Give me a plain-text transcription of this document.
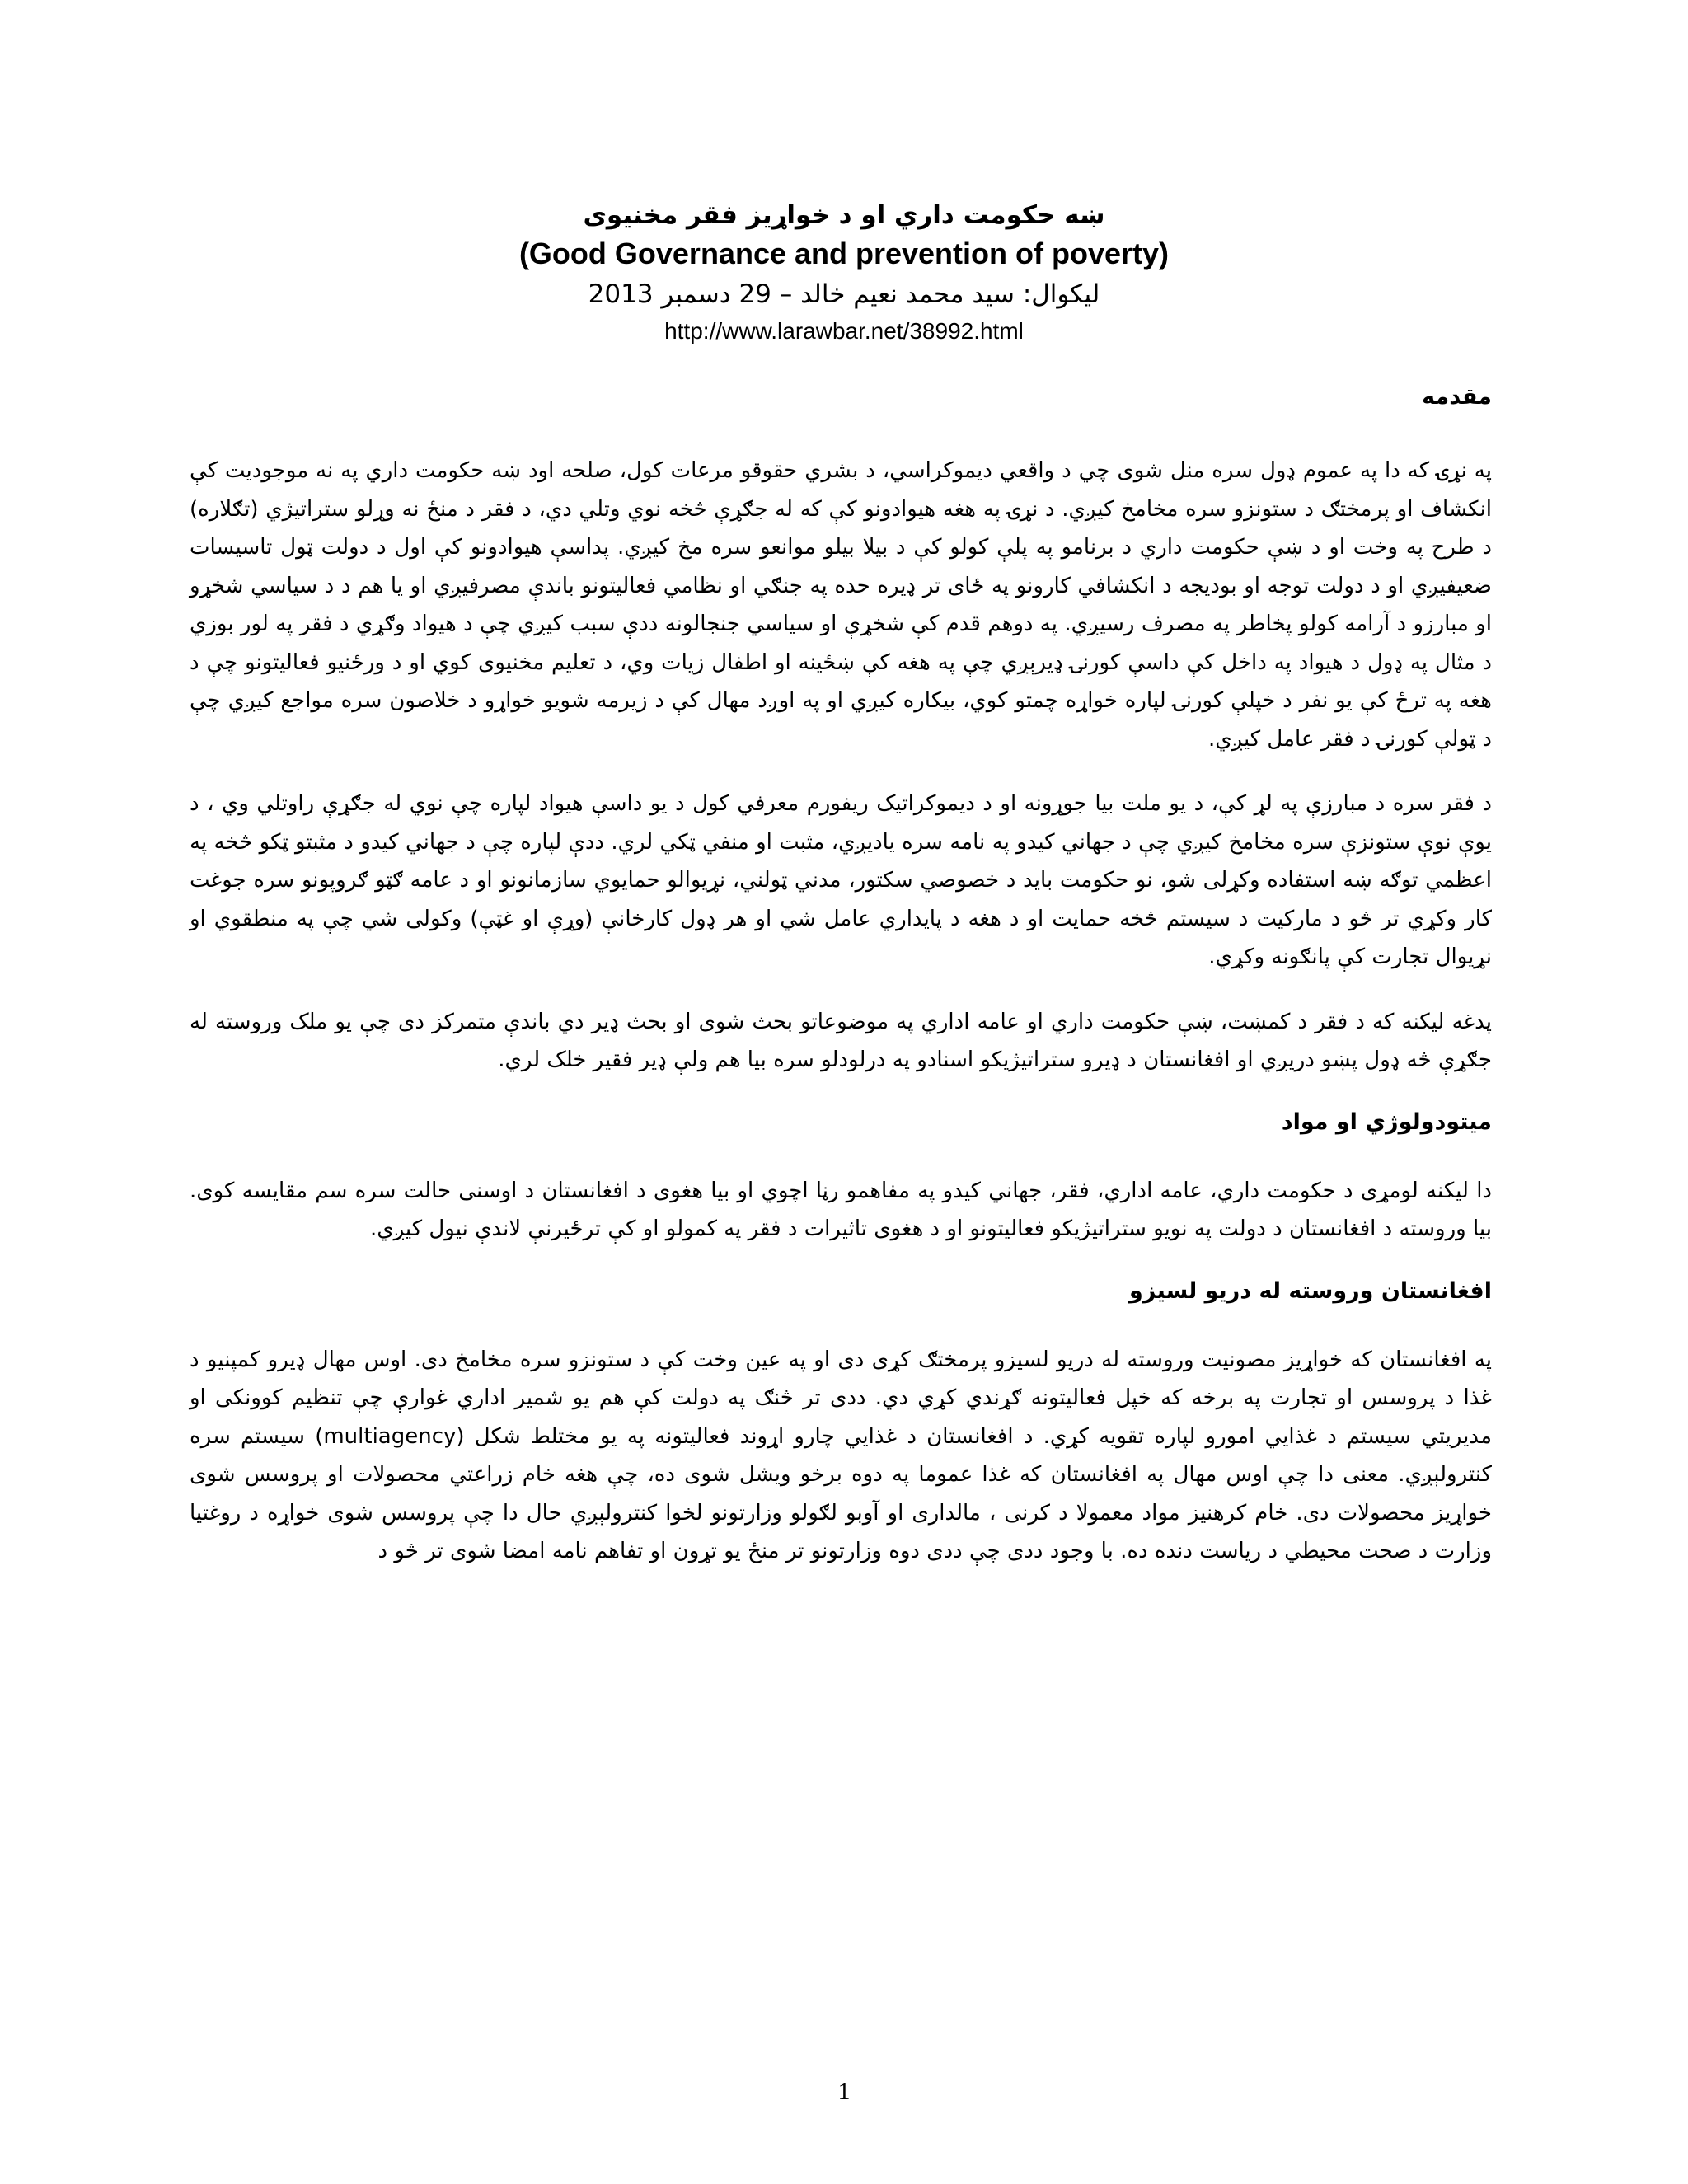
ښه حکومت داري او د خواړيز فقر مخنيوی
(Good Governance and prevention of poverty)
ليکوال: سيد محمد نعيم خالد – 29 دسمبر 2013
http://www.larawbar.net/38992.html

مقدمه

په نړۍ که دا په عموم ډول سره منل شوی چي د واقعي ديموکراسي، د بشري حقوقو مرعات کول، صلحه اود ښه حکومت داري په نه موجوديت کې انکشاف او پرمختګ د ستونزو سره مخامخ کيږي. د نړۍ په هغه هيوادونو کې که له جګړې څخه نوي وتلي دي، د فقر د منځ نه وړلو ستراتيژي (تګلاره) د طرح په وخت او د ښې حکومت داري د برنامو په پلې کولو کې د بيلا بيلو موانعو سره مخ کيږي. پداسې هيوادونو کې اول د دولت ټول تاسيسات ضعيفيږي او د دولت توجه او بوديجه د انکشافي کارونو په ځاى تر ډيره حده په جنګي او نظامي فعاليتونو باندې مصرفيږي او يا هم د د سياسي شخړو او مبارزو د آرامه کولو پخاطر په مصرف رسيږي. په دوهم قدم کې شخړې او سياسي جنجالونه ددې سبب کيږي چې د هيواد وګړي د فقر په لور بوزي د مثال په ډول د هيواد په داخل کې داسې کورنۍ ډيرېږي چې په هغه کې ښځينه او اطفال زيات وي، د تعليم مخنيوی کوي او د ورځنيو فعاليتونو چې د هغه په ترځ کې يو نفر د خپلې کورنۍ لپاره خواړه چمتو کوي، بيکاره کيږي او په اوږد مهال کې د زيرمه شويو خواړو د خلاصون سره مواجع کيږي چې د ټولې کورنۍ د فقر عامل کيږي.

د فقر سره د مبارزې په لړ کې، د يو ملت بيا جوړونه او د ديموکراتيک ريفورم معرفي کول د يو داسې هيواد لپاره چې نوي له جګړې راوتلي وي ، د يوې نوې ستونزې سره مخامخ کيږي چې د جهاني کيدو په نامه سره ياديږي، مثبت او منفي ټکي لري. ددې لپاره چې د جهاني کيدو د مثبتو ټکو څخه په اعظمي توګه ښه استفاده وکړلی شو، نو حکومت بايد د خصوصي سکتور، مدني ټولني، نړيوالو حمايوي سازمانونو او د عامه ګټو ګروپونو سره جوغت کار وکړي تر څو د مارکيت د سيستم څخه حمايت او د هغه د پايداري عامل شي او هر ډول کارخانې (وړې او غټې) وکولی شي چې په منطقوي او نړيوال تجارت کې پانګونه وکړي.

پدغه ليکنه که د فقر د کمښت، ښې حکومت داري او عامه اداري په موضوعاتو بحث شوی او بحث ډير دي باندې متمرکز دی چې يو ملک وروسته له جګړې څه ډول پښو دريږي او افغانستان د ډيرو ستراتيژيکو اسنادو په درلودلو سره بيا هم ولې ډير فقير خلک لري.

ميتودولوژي او مواد

دا ليکنه لومړی د حکومت داري، عامه اداري، فقر، جهاني کيدو په مفاهمو رڼا اچوي او بيا هغوی د افغانستان د اوسنی حالت سره سم مقايسه کوی. بيا وروسته د افغانستان د دولت په نويو ستراتيژيکو فعاليتونو او د هغوی تاثيرات د فقر په کمولو او کې ترځيرنې لاندې نيول کيږي.

افغانستان وروسته له دريو لسيزو

په افغانستان که خواړيز مصونيت وروسته له دريو لسيزو پرمختګ کړی دی او په عين وخت کې د ستونزو سره مخامخ دی. اوس مهال ډيرو کمپنيو د غذا د پروسس او تجارت په برخه که خپل فعاليتونه ګړندي کړي دي. ددی تر څنګ په دولت کې هم يو شمير اداري غوارې چې تنظيم کوونکی او مديريتي سيستم د غذايي امورو لپاره تقويه کړي. د افغانستان د غذايي چارو اړوند فعاليتونه په يو مختلط شکل (multiagency) سيستم سره کنترولېږي. معنی دا چې اوس مهال په افغانستان که غذا عموما په دوه برخو ويشل شوی ده، چې هغه خام زراعتي محصولات او پروسس شوی خواړيز محصولات دی. خام کرهنيز مواد معمولا د کرنی ، مالداری او آوبو لګولو وزارتونو لخوا کنترولېږي حال دا چې پروسس شوی خواړه د روغتيا وزارت د صحت محيطي د رياست دنده ده. با وجود ددی چې ددی دوه وزارتونو تر منځ يو تړون او تفاهم نامه امضا شوی تر څو د

1
